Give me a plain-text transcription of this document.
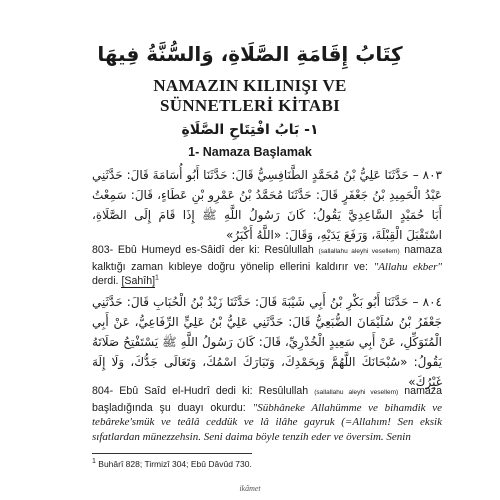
كِتَابُ إِقَامَةِ الصَّلَاةِ، وَالسُّنَّةُ فِيهَا
NAMAZIN KILINIŞI VE
SÜNNETLERİ KİTABI
١- بَابُ افْتِتَاحِ الصَّلَاةِ
1- Namaza Başlamak
٨٠٣ – حَدَّثَنَا عَلِيُّ بْنُ مُحَمَّدٍ الطَّنَافِسِيُّ قَالَ: حَدَّثَنَا أَبُو أُسَامَةَ قَالَ: حَدَّثَنِي عَبْدُ الْحَمِيدِ بْنُ جَعْفَرٍ قَالَ: حَدَّثَنَا مُحَمَّدُ بْنُ عَمْرِو بْنِ عَطَاءٍ، قَالَ: سَمِعْتُ أَبَا حُمَيْدٍ السَّاعِدِيَّ يَقُولُ: كَانَ رَسُولُ اللَّهِ ﷺ إِذَا قَامَ إِلَى الصَّلَاةِ، اسْتَقْبَلَ الْقِبْلَةَ، وَرَفَعَ يَدَيْهِ، وَقَالَ: «اللَّهُ أَكْبَرُ»
803- Ebû Humeyd es-Sâidî der ki: Resûlullah (sallallahu aleyhi vesellem) namaza kalktığı zaman kıbleye doğru yönelip ellerini kaldırır ve: "Allahu ekber" derdi. [Sahîh]$^1$
٨٠٤ – حَدَّثَنَا أَبُو بَكْرِ بْنُ أَبِي شَيْبَةَ قَالَ: حَدَّثَنَا زَيْدُ بْنُ الْحُبَابِ قَالَ: حَدَّثَنِي جَعْفَرُ بْنُ سُلَيْمَانَ الضُّبَعِيُّ قَالَ: حَدَّثَنِي عَلِيُّ بْنُ عَلِيٍّ الرِّفَاعِيُّ، عَنْ أَبِي الْمُتَوَكِّلِ، عَنْ أَبِي سَعِيدٍ الْخُدْرِيِّ، قَالَ: كَانَ رَسُولُ اللَّهِ ﷺ يَسْتَفْتِحُ صَلَاتَهُ يَقُولُ: «سُبْحَانَكَ اللَّهُمَّ وَبِحَمْدِكَ، وَتَبَارَكَ اسْمُكَ، وَتَعَالَى جَدُّكَ، وَلَا إِلَهَ غَيْرُكَ»
804- Ebû Saîd el-Hudrî dedi ki: Resûlullah (sallallahu aleyhi vesellem) namaza başladığında şu duayı okurdu: "Sübhâneke Allahümme ve bihamdik ve tebâreke'smük ve teâlâ ceddük ve lâ ilâhe gayruk (=Allahım! Sen eksik sıfatlardan münezzehsin. Seni daima böyle tenzih eder ve översim. Senin
$^1$ Buhârî 828; Tirmizî 304; Ebû Dâvûd 730.
ikâmet
